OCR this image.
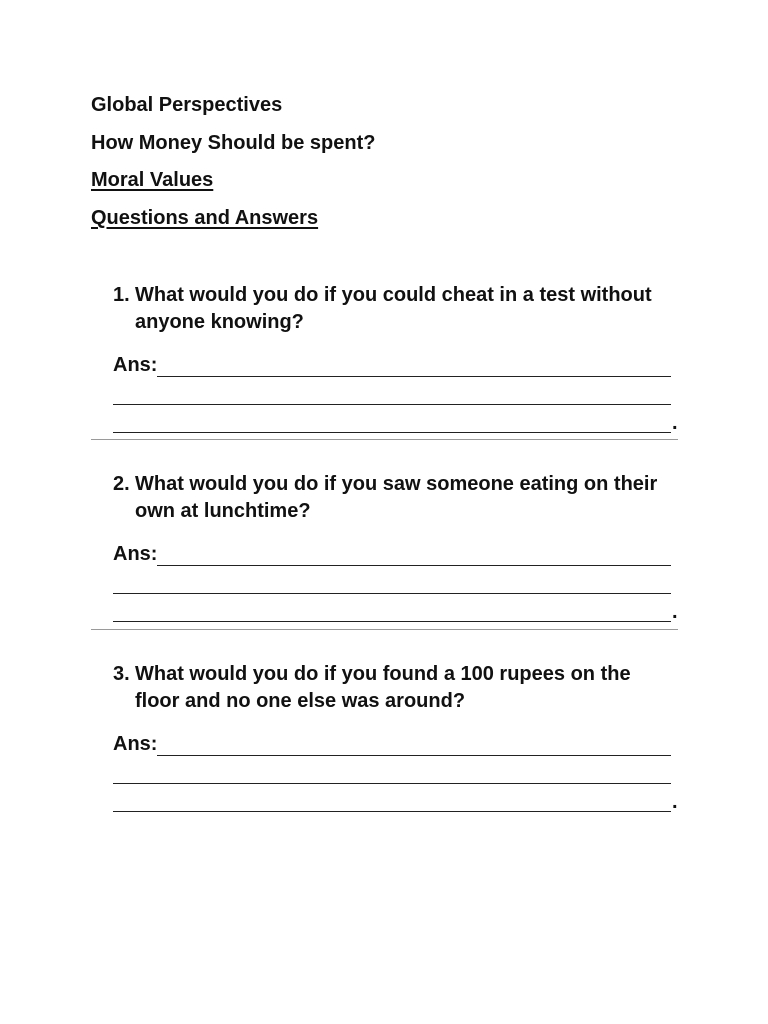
Global Perspectives

How Money Should be spent?

Moral Values

Questions and Answers

1. What would you do if you could cheat in a test without anyone knowing?
Ans:
.
2. What would you do if you saw someone eating on their own at lunchtime?
Ans:
.
3. What would you do if you found a 100 rupees on the floor and no one else was around?
Ans:
.
